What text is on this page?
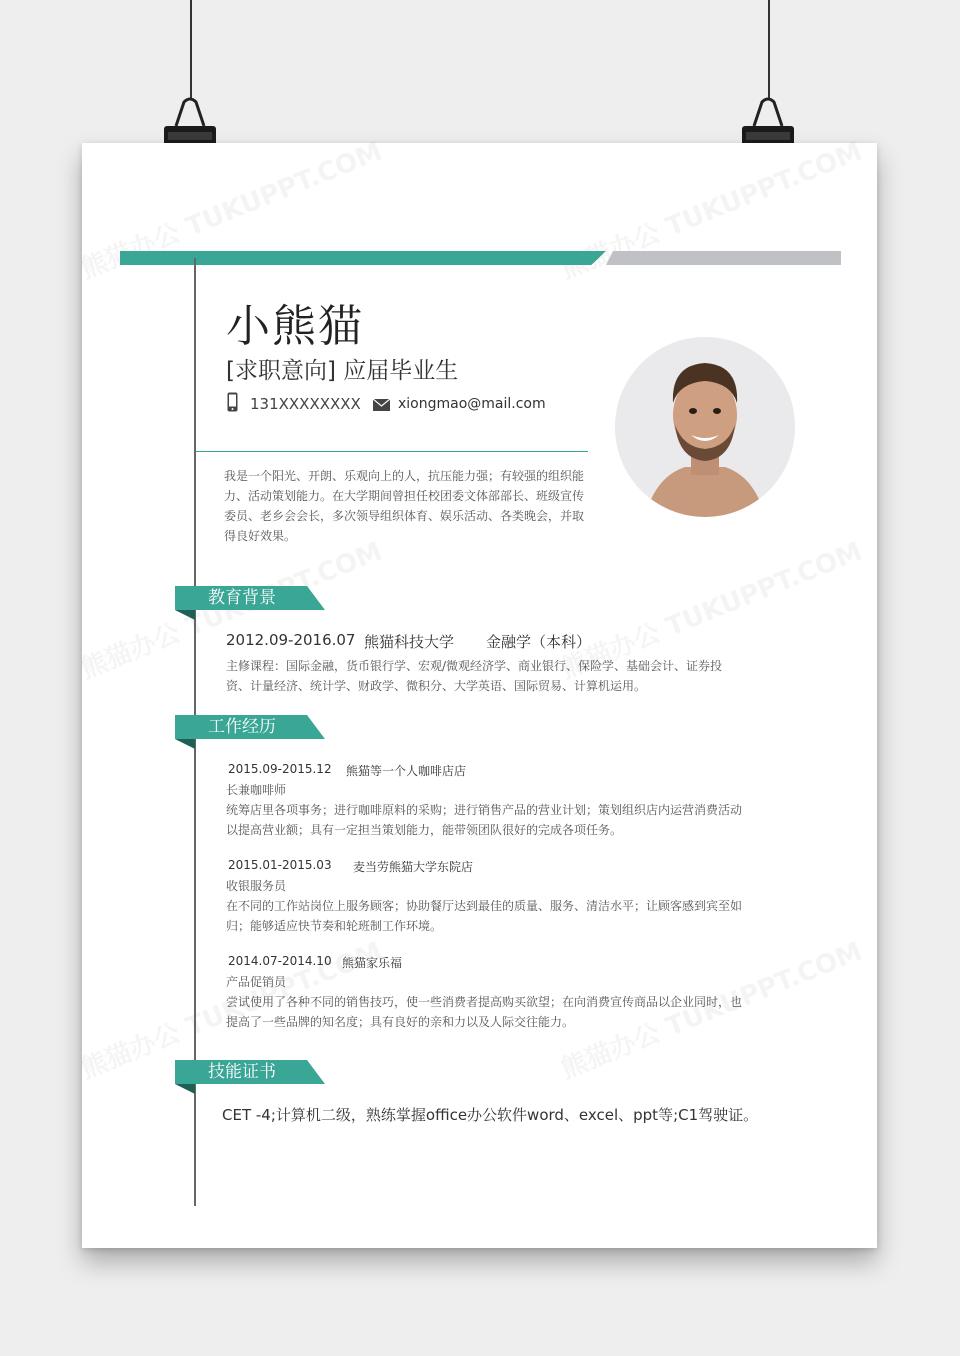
小熊猫
[求职意向] 应届毕业生
131XXXXXXXX	xiongmao@mail.com
我是一个阳光、开朗、乐观向上的人，抗压能力强；有较强的组织能力、活动策划能力。在大学期间曾担任校团委文体部部长、班级宣传委员、老乡会会长，多次领导组织体育、娱乐活动、各类晚会，并取得良好效果。
教育背景
2012.09-2016.07 熊猫科技大学 金融学（本科）
主修课程：国际金融，货币银行学、宏观/微观经济学、商业银行、保险学、基础会计、证券投资、计量经济、统计学、财政学、微积分、大学英语、国际贸易、计算机运用。
工作经历
2015.09-2015.12 熊猫等一个人咖啡店店
长兼咖啡师
统筹店里各项事务；进行咖啡原料的采购；进行销售产品的营业计划；策划组织店内运营消费活动以提高营业额；具有一定担当策划能力，能带领团队很好的完成各项任务。
2015.01-2015.03 麦当劳熊猫大学东院店
收银服务员
在不同的工作站岗位上服务顾客；协助餐厅达到最佳的质量、服务、清洁水平；让顾客感到宾至如归；能够适应快节奏和轮班制工作环境。
2014.07-2014.10 熊猫家乐福
产品促销员
尝试使用了各种不同的销售技巧，使一些消费者提高购买欲望；在向消费宣传商品以企业同时，也提高了一些品牌的知名度；具有良好的亲和力以及人际交往能力。
技能证书
CET -4;计算机二级，熟练掌握office办公软件word、excel、ppt等;C1驾驶证。
